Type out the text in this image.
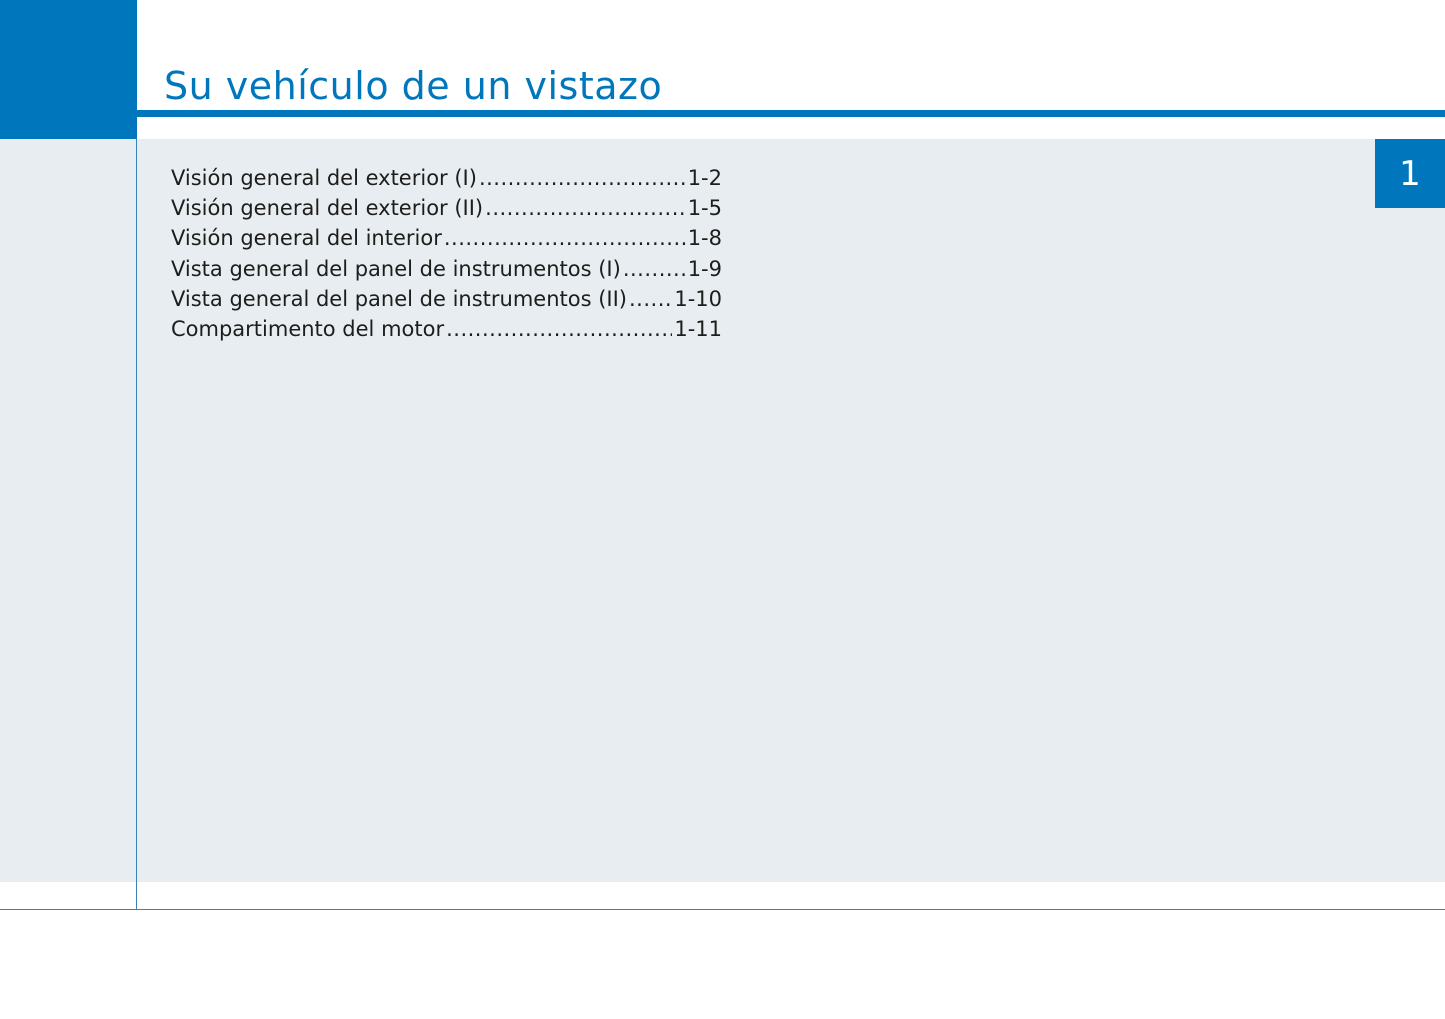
Su vehículo de un vistazo
1
Visión general del exterior (I) .....	1-2
Visión general del exterior (II) .....	1-5
Visión general del interior .....	1-8
Vista general del panel de instrumentos (I) .....	1-9
Vista general del panel de instrumentos (II) ..... 1-10
Compartimento del motor .....	1-11
